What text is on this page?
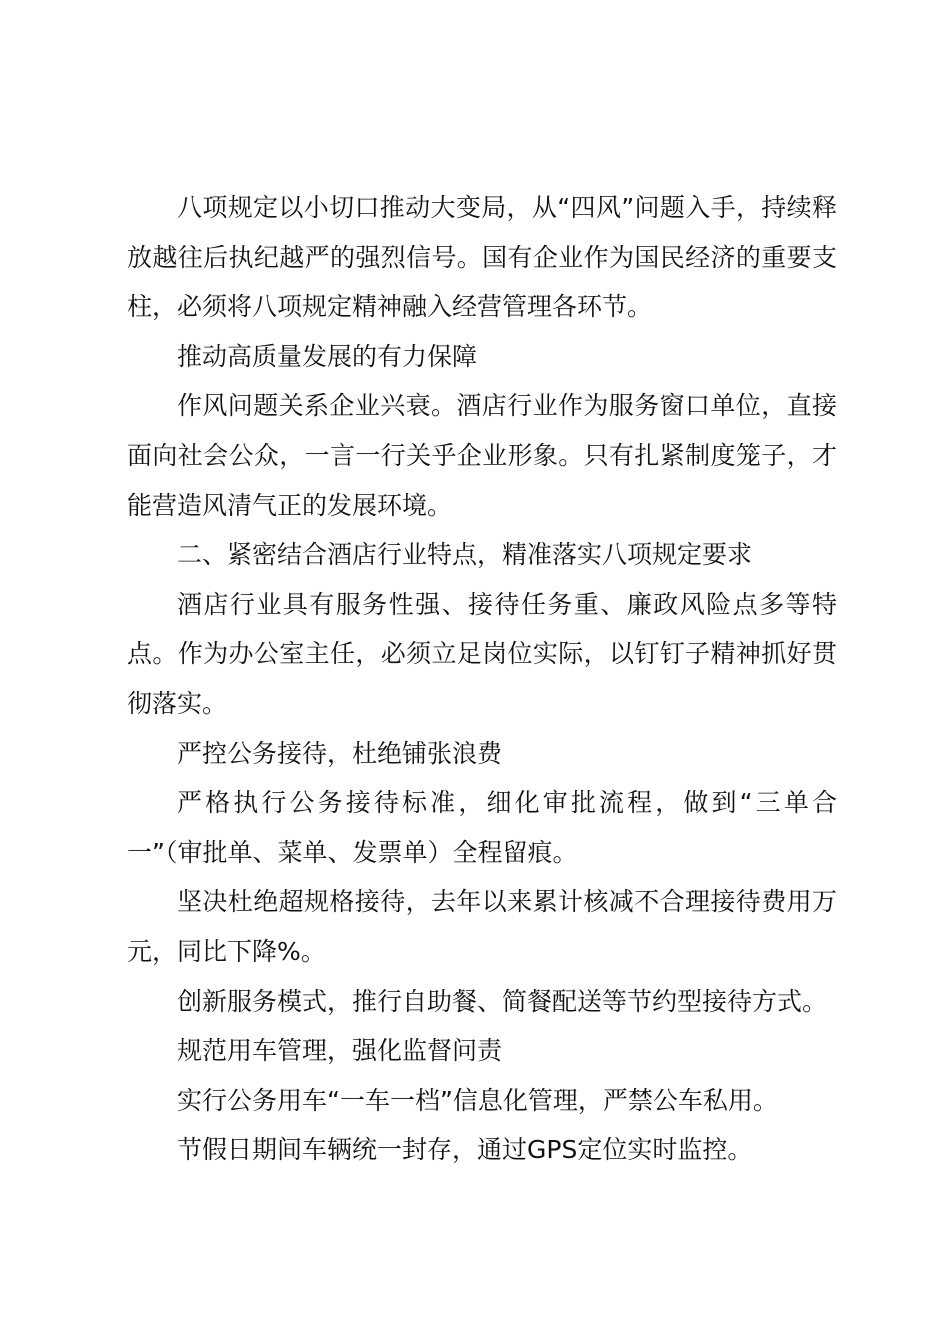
八项规定以小切口推动大变局，从“四风”问题入手，持续释放越往后执纪越严的强烈信号。国有企业作为国民经济的重要支柱，必须将八项规定精神融入经营管理各环节。

推动高质量发展的有力保障

作风问题关系企业兴衰。酒店行业作为服务窗口单位，直接面向社会公众，一言一行关乎企业形象。只有扎紧制度笼子，才能营造风清气正的发展环境。

二、紧密结合酒店行业特点，精准落实八项规定要求

酒店行业具有服务性强、接待任务重、廉政风险点多等特点。作为办公室主任，必须立足岗位实际，以钉钉子精神抓好贯彻落实。

严控公务接待，杜绝铺张浪费

严格执行公务接待标准，细化审批流程，做到“三单合一”（审批单、菜单、发票单）全程留痕。

坚决杜绝超规格接待，去年以来累计核减不合理接待费用万元，同比下降%。

创新服务模式，推行自助餐、简餐配送等节约型接待方式。

规范用车管理，强化监督问责

实行公务用车“一车一档”信息化管理，严禁公车私用。

节假日期间车辆统一封存，通过GPS定位实时监控。
